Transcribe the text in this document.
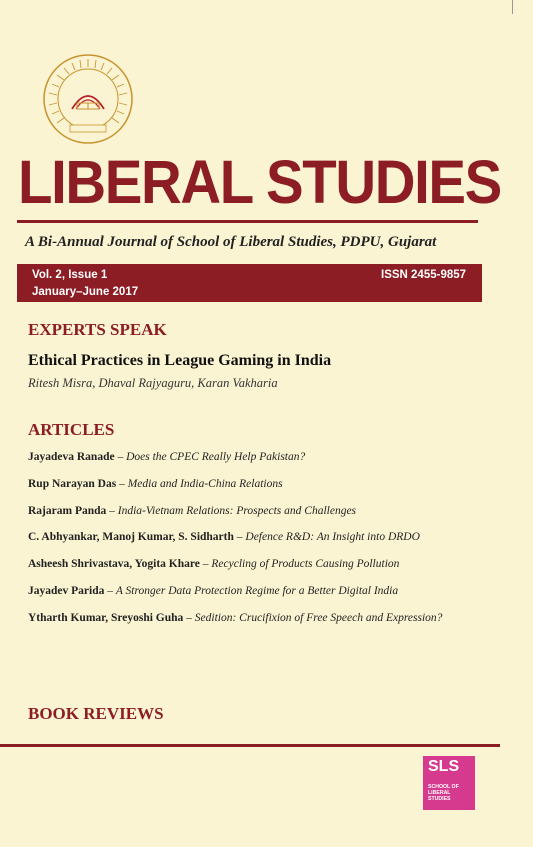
LIBERAL STUDIES
A Bi-Annual Journal of School of Liberal Studies, PDPU, Gujarat
Vol. 2, Issue 1
January–June 2017
ISSN 2455-9857
EXPERTS SPEAK
Ethical Practices in League Gaming in India
Ritesh Misra, Dhaval Rajyaguru, Karan Vakharia
ARTICLES
Jayadeva Ranade – Does the CPEC Really Help Pakistan?
Rup Narayan Das – Media and India-China Relations
Rajaram Panda – India-Vietnam Relations: Prospects and Challenges
C. Abhyankar, Manoj Kumar, S. Sidharth – Defence R&D: An Insight into DRDO
Asheesh Shrivastava, Yogita Khare – Recycling of Products Causing Pollution
Jayadev Parida – A Stronger Data Protection Regime for a Better Digital India
Ytharth Kumar, Sreyoshi Guha – Sedition: Crucifixion of Free Speech and Expression?
BOOK REVIEWS
SLS
SCHOOL OF
LIBERAL
STUDIES
